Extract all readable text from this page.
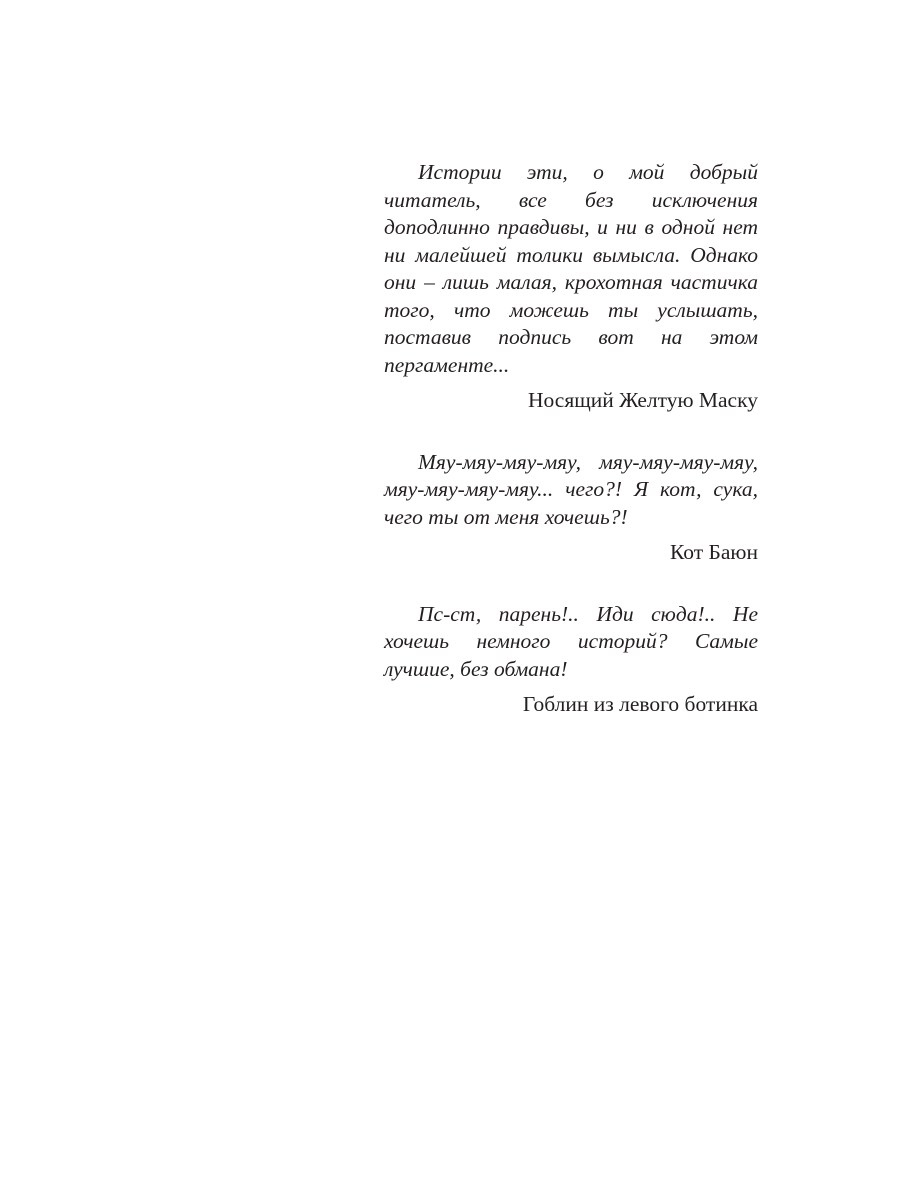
Истории эти, о мой добрый читатель, все без исключения доподлинно правдивы, и ни в одной нет ни малейшей толики вымысла. Однако они – лишь малая, крохотная частичка того, что можешь ты услышать, поставив подпись вот на этом пергаменте...

Носящий Желтую Маску

Мяу-мяу-мяу-мяу, мяу-мяу-мяу-мяу, мяу-мяу-мяу-мяу... чего?! Я кот, сука, чего ты от меня хочешь?!

Кот Баюн

Пс-ст, парень!.. Иди сюда!.. Не хочешь немного историй? Самые лучшие, без обмана!

Гоблин из левого ботинка
